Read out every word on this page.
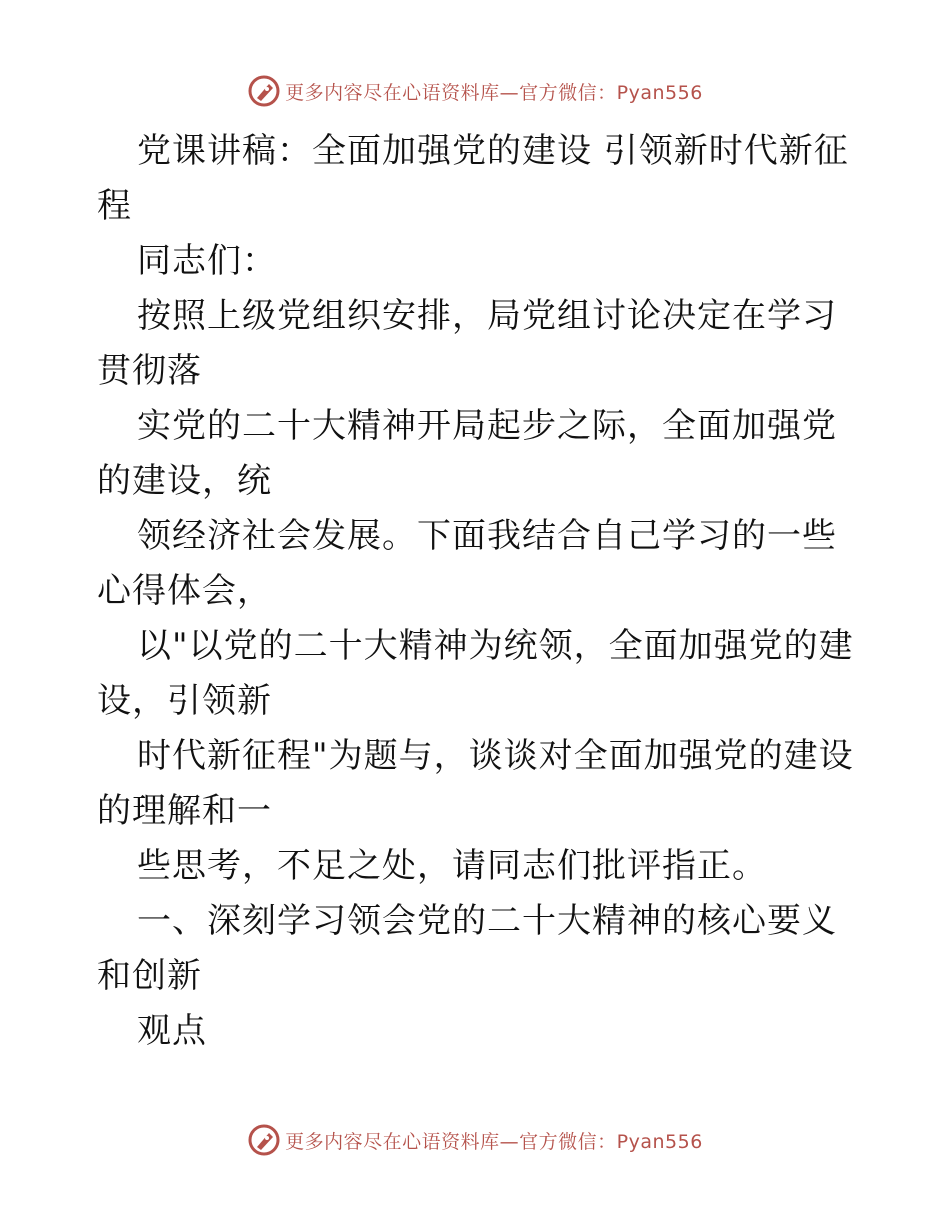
更多内容尽在心语资料库—官方微信：Pyan556

党课讲稿：全面加强党的建设 引领新时代新征程

同志们：

按照上级党组织安排，局党组讨论决定在学习贯彻落

实党的二十大精神开局起步之际，全面加强党的建设，统

领经济社会发展。下面我结合自己学习的一些心得体会，

以"以党的二十大精神为统领，全面加强党的建设，引领新

时代新征程"为题与，谈谈对全面加强党的建设的理解和一

些思考，不足之处，请同志们批评指正。

一、深刻学习领会党的二十大精神的核心要义和创新

观点

更多内容尽在心语资料库—官方微信：Pyan556
